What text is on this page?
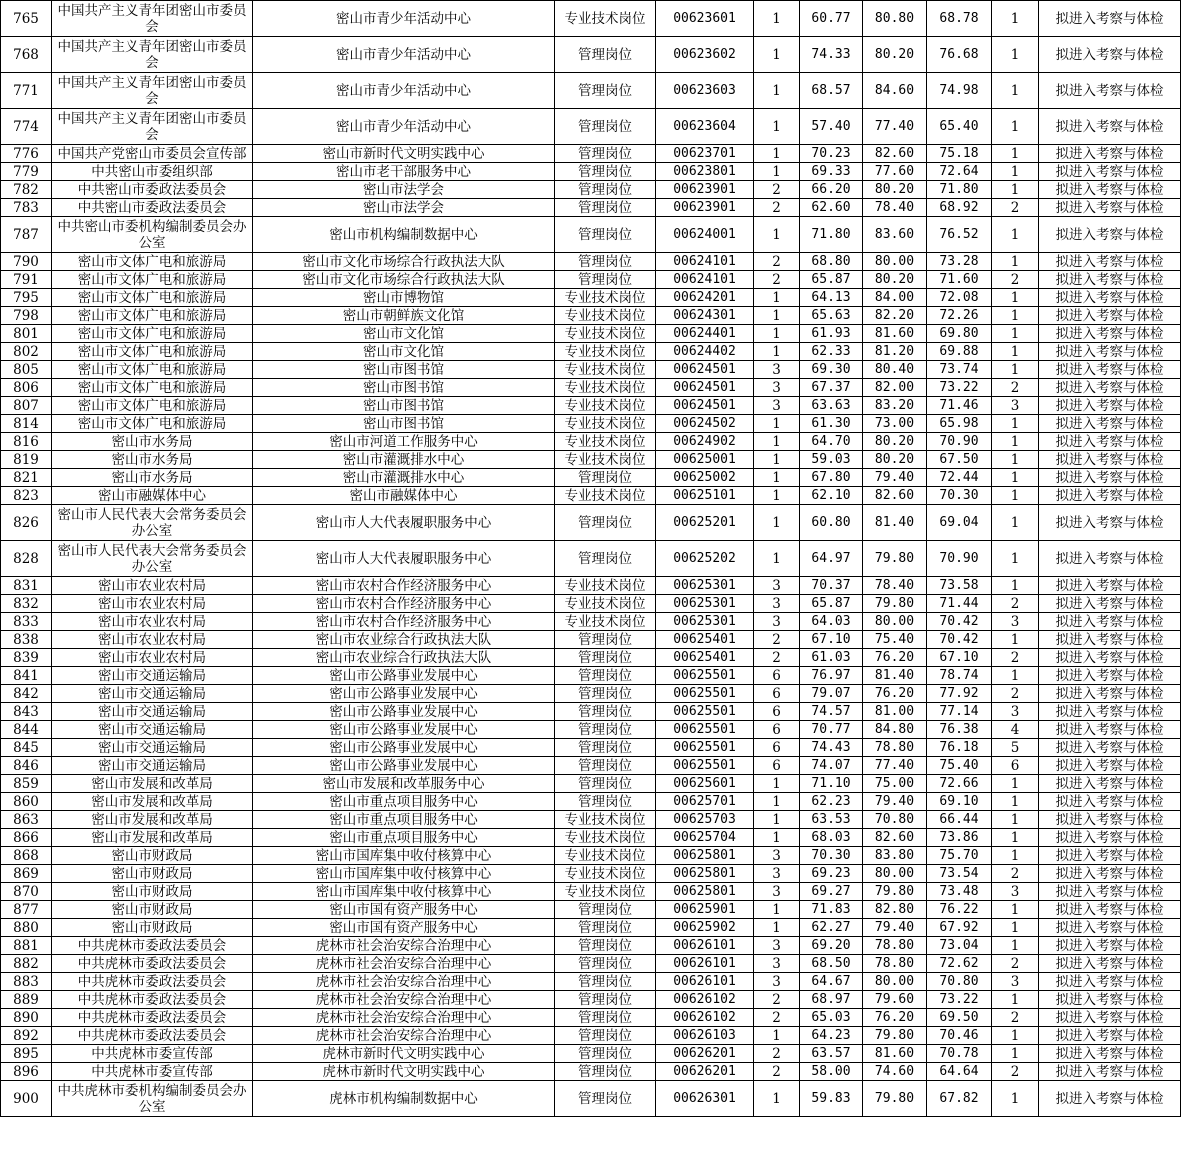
765	中国共产主义青年团密山市委员会	密山市青少年活动中心	专业技术岗位	00623601	1	60.77	80.80	68.78	1	拟进入考察与体检
768	中国共产主义青年团密山市委员会	密山市青少年活动中心	管理岗位	00623602	1	74.33	80.20	76.68	1	拟进入考察与体检
771	中国共产主义青年团密山市委员会	密山市青少年活动中心	管理岗位	00623603	1	68.57	84.60	74.98	1	拟进入考察与体检
774	中国共产主义青年团密山市委员会	密山市青少年活动中心	管理岗位	00623604	1	57.40	77.40	65.40	1	拟进入考察与体检
776	中国共产党密山市委员会宣传部	密山市新时代文明实践中心	管理岗位	00623701	1	70.23	82.60	75.18	1	拟进入考察与体检
779	中共密山市委组织部	密山市老干部服务中心	管理岗位	00623801	1	69.33	77.60	72.64	1	拟进入考察与体检
782	中共密山市委政法委员会	密山市法学会	管理岗位	00623901	2	66.20	80.20	71.80	1	拟进入考察与体检
783	中共密山市委政法委员会	密山市法学会	管理岗位	00623901	2	62.60	78.40	68.92	2	拟进入考察与体检
787	中共密山市委机构编制委员会办公室	密山市机构编制数据中心	管理岗位	00624001	1	71.80	83.60	76.52	1	拟进入考察与体检
790	密山市文体广电和旅游局	密山市文化市场综合行政执法大队	管理岗位	00624101	2	68.80	80.00	73.28	1	拟进入考察与体检
791	密山市文体广电和旅游局	密山市文化市场综合行政执法大队	管理岗位	00624101	2	65.87	80.20	71.60	2	拟进入考察与体检
795	密山市文体广电和旅游局	密山市博物馆	专业技术岗位	00624201	1	64.13	84.00	72.08	1	拟进入考察与体检
798	密山市文体广电和旅游局	密山市朝鲜族文化馆	专业技术岗位	00624301	1	65.63	82.20	72.26	1	拟进入考察与体检
801	密山市文体广电和旅游局	密山市文化馆	专业技术岗位	00624401	1	61.93	81.60	69.80	1	拟进入考察与体检
802	密山市文体广电和旅游局	密山市文化馆	专业技术岗位	00624402	1	62.33	81.20	69.88	1	拟进入考察与体检
805	密山市文体广电和旅游局	密山市图书馆	专业技术岗位	00624501	3	69.30	80.40	73.74	1	拟进入考察与体检
806	密山市文体广电和旅游局	密山市图书馆	专业技术岗位	00624501	3	67.37	82.00	73.22	2	拟进入考察与体检
807	密山市文体广电和旅游局	密山市图书馆	专业技术岗位	00624501	3	63.63	83.20	71.46	3	拟进入考察与体检
814	密山市文体广电和旅游局	密山市图书馆	专业技术岗位	00624502	1	61.30	73.00	65.98	1	拟进入考察与体检
816	密山市水务局	密山市河道工作服务中心	专业技术岗位	00624902	1	64.70	80.20	70.90	1	拟进入考察与体检
819	密山市水务局	密山市灌溉排水中心	专业技术岗位	00625001	1	59.03	80.20	67.50	1	拟进入考察与体检
821	密山市水务局	密山市灌溉排水中心	管理岗位	00625002	1	67.80	79.40	72.44	1	拟进入考察与体检
823	密山市融媒体中心	密山市融媒体中心	专业技术岗位	00625101	1	62.10	82.60	70.30	1	拟进入考察与体检
826	密山市人民代表大会常务委员会办公室	密山市人大代表履职服务中心	管理岗位	00625201	1	60.80	81.40	69.04	1	拟进入考察与体检
828	密山市人民代表大会常务委员会办公室	密山市人大代表履职服务中心	管理岗位	00625202	1	64.97	79.80	70.90	1	拟进入考察与体检
831	密山市农业农村局	密山市农村合作经济服务中心	专业技术岗位	00625301	3	70.37	78.40	73.58	1	拟进入考察与体检
832	密山市农业农村局	密山市农村合作经济服务中心	专业技术岗位	00625301	3	65.87	79.80	71.44	2	拟进入考察与体检
833	密山市农业农村局	密山市农村合作经济服务中心	专业技术岗位	00625301	3	64.03	80.00	70.42	3	拟进入考察与体检
838	密山市农业农村局	密山市农业综合行政执法大队	管理岗位	00625401	2	67.10	75.40	70.42	1	拟进入考察与体检
839	密山市农业农村局	密山市农业综合行政执法大队	管理岗位	00625401	2	61.03	76.20	67.10	2	拟进入考察与体检
841	密山市交通运输局	密山市公路事业发展中心	管理岗位	00625501	6	76.97	81.40	78.74	1	拟进入考察与体检
842	密山市交通运输局	密山市公路事业发展中心	管理岗位	00625501	6	79.07	76.20	77.92	2	拟进入考察与体检
843	密山市交通运输局	密山市公路事业发展中心	管理岗位	00625501	6	74.57	81.00	77.14	3	拟进入考察与体检
844	密山市交通运输局	密山市公路事业发展中心	管理岗位	00625501	6	70.77	84.80	76.38	4	拟进入考察与体检
845	密山市交通运输局	密山市公路事业发展中心	管理岗位	00625501	6	74.43	78.80	76.18	5	拟进入考察与体检
846	密山市交通运输局	密山市公路事业发展中心	管理岗位	00625501	6	74.07	77.40	75.40	6	拟进入考察与体检
859	密山市发展和改革局	密山市发展和改革服务中心	管理岗位	00625601	1	71.10	75.00	72.66	1	拟进入考察与体检
860	密山市发展和改革局	密山市重点项目服务中心	管理岗位	00625701	1	62.23	79.40	69.10	1	拟进入考察与体检
863	密山市发展和改革局	密山市重点项目服务中心	专业技术岗位	00625703	1	63.53	70.80	66.44	1	拟进入考察与体检
866	密山市发展和改革局	密山市重点项目服务中心	专业技术岗位	00625704	1	68.03	82.60	73.86	1	拟进入考察与体检
868	密山市财政局	密山市国库集中收付核算中心	专业技术岗位	00625801	3	70.30	83.80	75.70	1	拟进入考察与体检
869	密山市财政局	密山市国库集中收付核算中心	专业技术岗位	00625801	3	69.23	80.00	73.54	2	拟进入考察与体检
870	密山市财政局	密山市国库集中收付核算中心	专业技术岗位	00625801	3	69.27	79.80	73.48	3	拟进入考察与体检
877	密山市财政局	密山市国有资产服务中心	管理岗位	00625901	1	71.83	82.80	76.22	1	拟进入考察与体检
880	密山市财政局	密山市国有资产服务中心	管理岗位	00625902	1	62.27	79.40	67.92	1	拟进入考察与体检
881	中共虎林市委政法委员会	虎林市社会治安综合治理中心	管理岗位	00626101	3	69.20	78.80	73.04	1	拟进入考察与体检
882	中共虎林市委政法委员会	虎林市社会治安综合治理中心	管理岗位	00626101	3	68.50	78.80	72.62	2	拟进入考察与体检
883	中共虎林市委政法委员会	虎林市社会治安综合治理中心	管理岗位	00626101	3	64.67	80.00	70.80	3	拟进入考察与体检
889	中共虎林市委政法委员会	虎林市社会治安综合治理中心	管理岗位	00626102	2	68.97	79.60	73.22	1	拟进入考察与体检
890	中共虎林市委政法委员会	虎林市社会治安综合治理中心	管理岗位	00626102	2	65.03	76.20	69.50	2	拟进入考察与体检
892	中共虎林市委政法委员会	虎林市社会治安综合治理中心	管理岗位	00626103	1	64.23	79.80	70.46	1	拟进入考察与体检
895	中共虎林市委宣传部	虎林市新时代文明实践中心	管理岗位	00626201	2	63.57	81.60	70.78	1	拟进入考察与体检
896	中共虎林市委宣传部	虎林市新时代文明实践中心	管理岗位	00626201	2	58.00	74.60	64.64	2	拟进入考察与体检
900	中共虎林市委机构编制委员会办公室	虎林市机构编制数据中心	管理岗位	00626301	1	59.83	79.80	67.82	1	拟进入考察与体检
